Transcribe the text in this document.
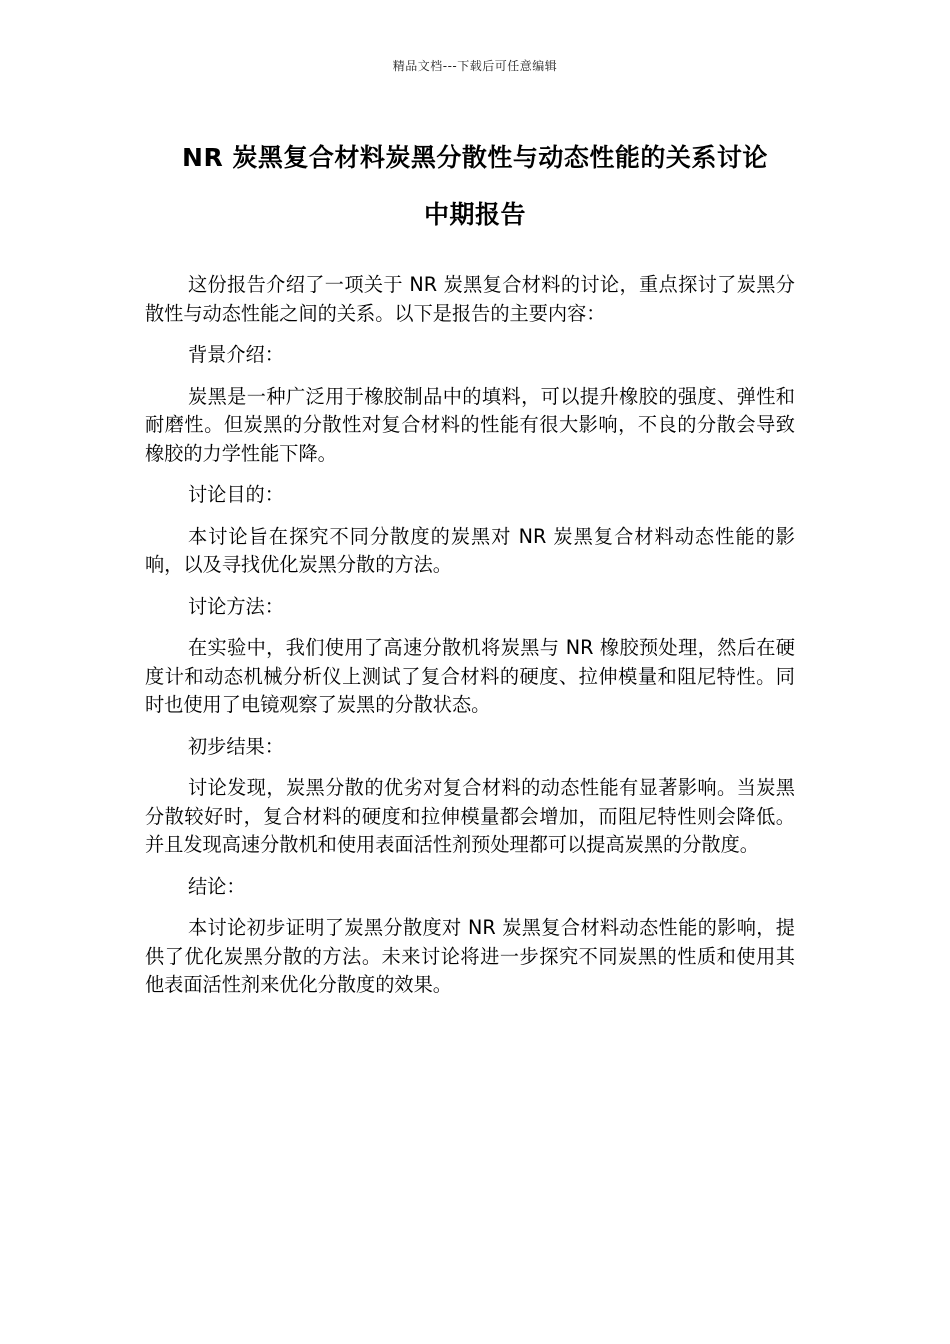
精品文档---下载后可任意编辑
NR 炭黑复合材料炭黑分散性与动态性能的关系讨论
中期报告

这份报告介绍了一项关于 NR 炭黑复合材料的讨论，重点探讨了炭黑分散性与动态性能之间的关系。以下是报告的主要内容：

背景介绍：

炭黑是一种广泛用于橡胶制品中的填料，可以提升橡胶的强度、弹性和耐磨性。但炭黑的分散性对复合材料的性能有很大影响，不良的分散会导致橡胶的力学性能下降。

讨论目的：

本讨论旨在探究不同分散度的炭黑对 NR 炭黑复合材料动态性能的影响，以及寻找优化炭黑分散的方法。

讨论方法：

在实验中，我们使用了高速分散机将炭黑与 NR 橡胶预处理，然后在硬度计和动态机械分析仪上测试了复合材料的硬度、拉伸模量和阻尼特性。同时也使用了电镜观察了炭黑的分散状态。

初步结果：

讨论发现，炭黑分散的优劣对复合材料的动态性能有显著影响。当炭黑分散较好时，复合材料的硬度和拉伸模量都会增加，而阻尼特性则会降低。并且发现高速分散机和使用表面活性剂预处理都可以提高炭黑的分散度。

结论：

本讨论初步证明了炭黑分散度对 NR 炭黑复合材料动态性能的影响，提供了优化炭黑分散的方法。未来讨论将进一步探究不同炭黑的性质和使用其他表面活性剂来优化分散度的效果。
